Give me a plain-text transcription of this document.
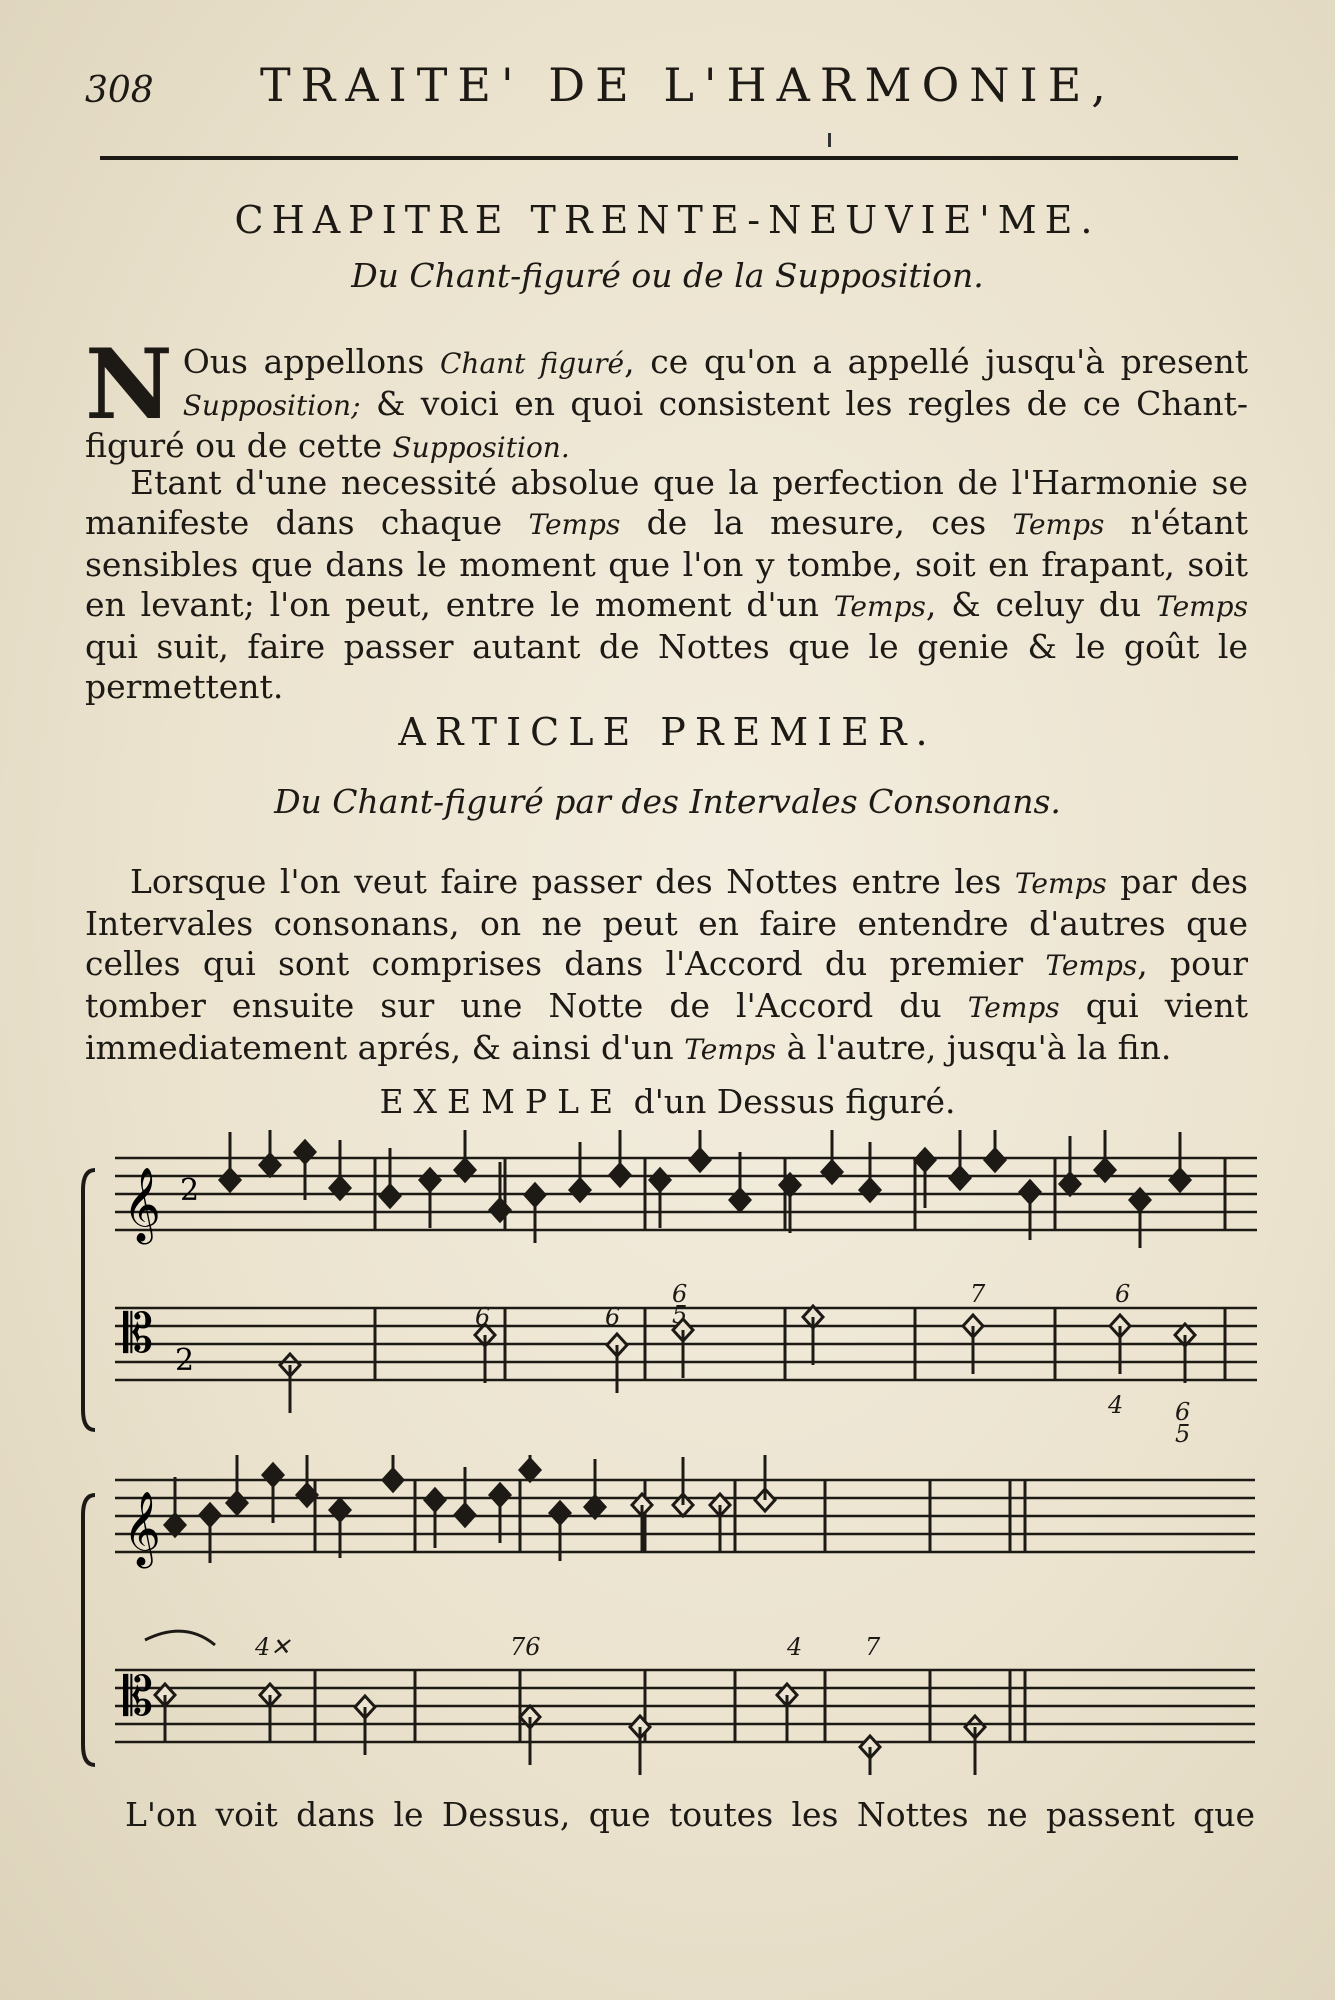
308 TRAITE' DE L'HARMONIE,
CHAPITRE TRENTE-NEUVIE'ME.
Du Chant-figuré ou de la Supposition.
N Ous appellons Chant figuré, ce qu'on a appellé jusqu'à present Supposition; & voici en quoi consistent les regles de ce Chant-figuré ou de cette Supposition.
Etant d'une necessité absolue que la perfection de l'Harmonie se manifeste dans chaque Temps de la mesure, ces Temps n'étant sensibles que dans le moment que l'on y tombe, soit en frapant, soit en levant; l'on peut, entre le moment d'un Temps, & celuy du Temps qui suit, faire passer autant de Nottes que le genie & le goût le permettent.
ARTICLE PREMIER.
Du Chant-figuré par des Intervales Consonans.
Lorsque l'on veut faire passer des Nottes entre les Temps par des Intervales consonans, on ne peut en faire entendre d'autres que celles qui sont comprises dans l'Accord du premier Temps, pour tomber ensuite sur une Notte de l'Accord du Temps qui vient immediatement aprés, & ainsi d'un Temps à l'autre, jusqu'à la fin.
EXEMPLE d'un Dessus figuré.
𝄞 2
𝄡 2
6	6
6
5
7	6
4 6
5
𝄞
𝄡
4✕	76	4	7
L'on voit dans le Dessus, que toutes les Nottes ne passent que
